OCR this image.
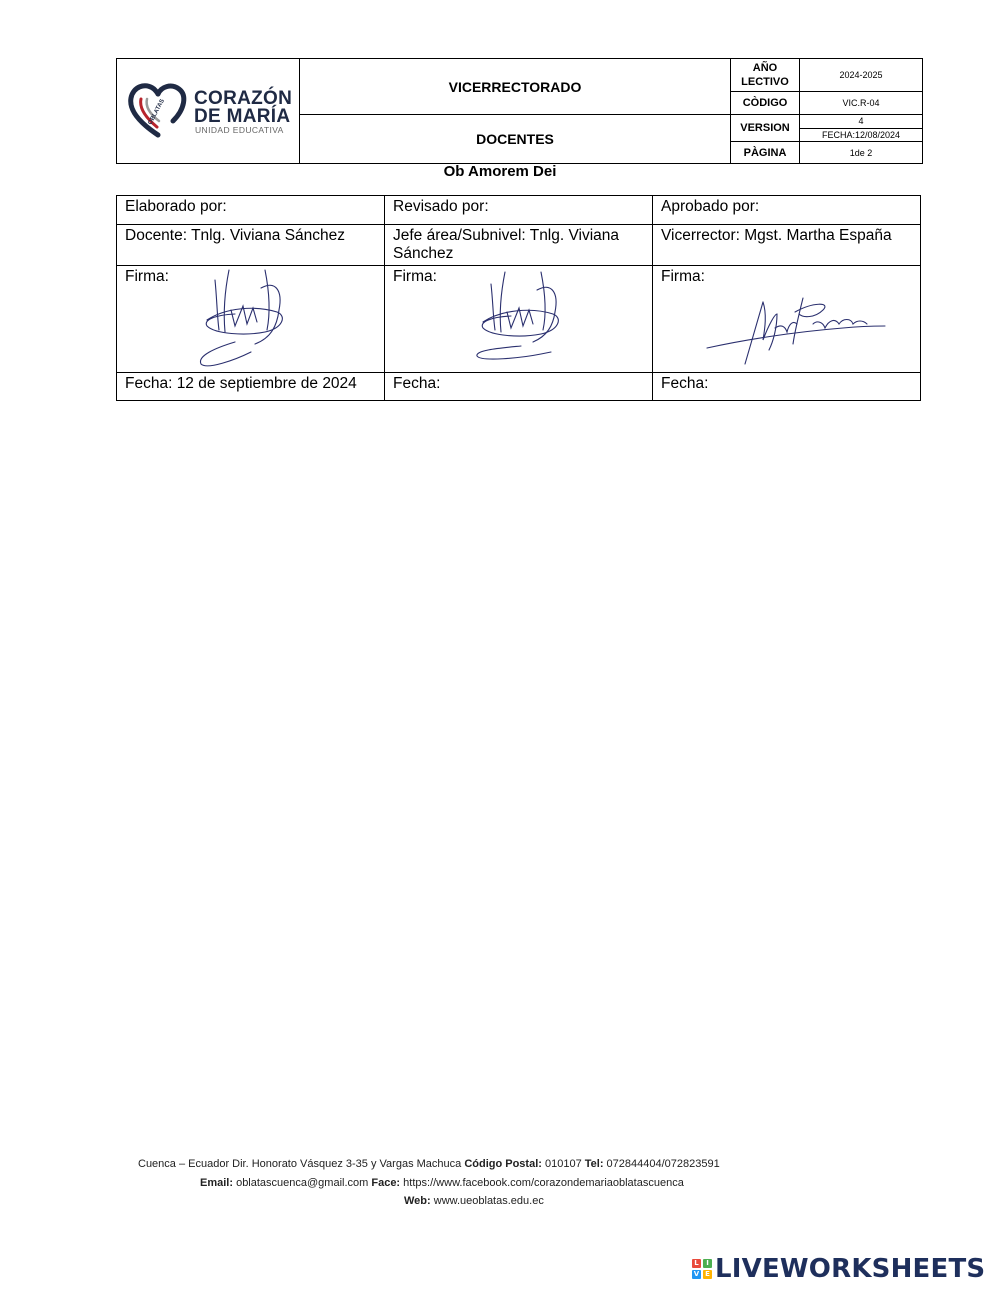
OBLATAS CORAZÓN
DE MARÍA
UNIDAD EDUCATIVA	VICERRECTORADO	AÑO LECTIVO	2024-2025
		CÒDIGO	VIC.R-04
	DOCENTES	VERSION	4
FECHA:12/08/2024

		PÀGINA	1de 2
Ob Amorem Dei
Elaborado por:	Revisado por:	Aprobado por:
Docente: Tnlg. Viviana Sánchez	Jefe área/Subnivel: Tnlg. Viviana Sánchez	Vicerrector: Mgst. Martha España
Firma:	Firma:	Firma:

Fecha: 12 de septiembre de 2024	Fecha:	Fecha:
Cuenca – Ecuador Dir. Honorato Vásquez 3-35 y Vargas Machuca Código Postal: 010107 Tel: 072844404/072823591
Email: oblatascuenca@gmail.com Face: https://www.facebook.com/corazondemariaoblatascuenca
Web: www.ueoblatas.edu.ec
L	I
V E LIVEWORKSHEETS
